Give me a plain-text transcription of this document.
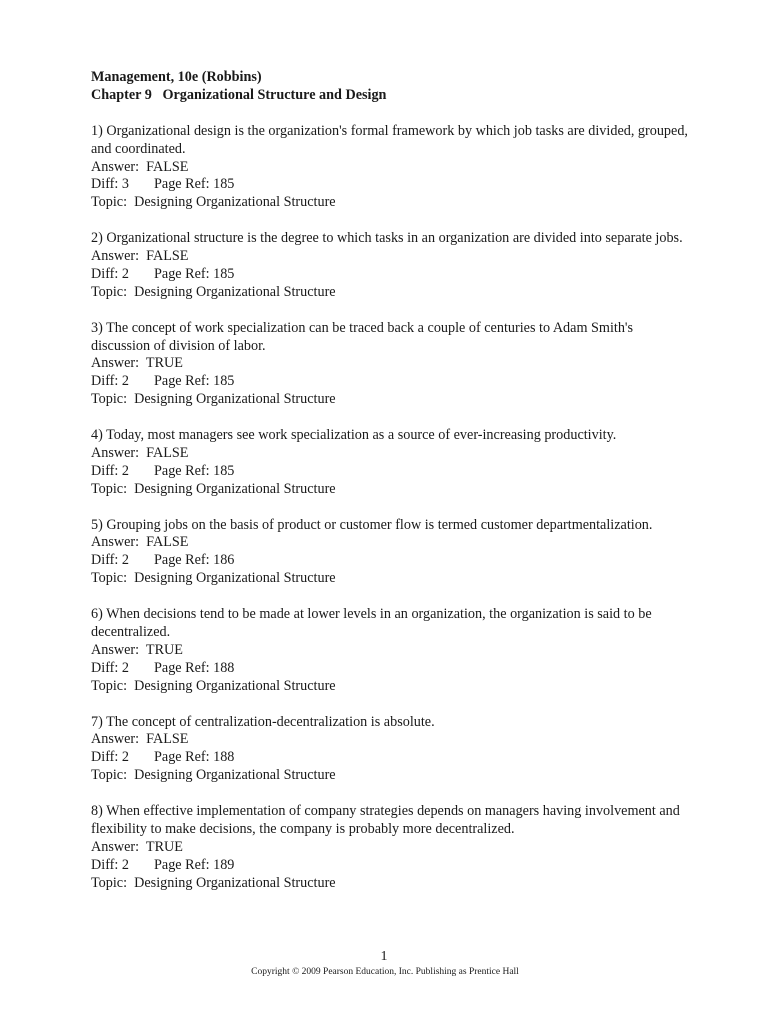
Management, 10e (Robbins)
Chapter 9   Organizational Structure and Design
1) Organizational design is the organization's formal framework by which job tasks are divided, grouped, and coordinated.
Answer:  FALSE
Diff: 3 Page Ref: 185
Topic:  Designing Organizational Structure
2) Organizational structure is the degree to which tasks in an organization are divided into separate jobs.
Answer:  FALSE
Diff: 2 Page Ref: 185
Topic:  Designing Organizational Structure
3) The concept of work specialization can be traced back a couple of centuries to Adam Smith's discussion of division of labor.
Answer:  TRUE
Diff: 2 Page Ref: 185
Topic:  Designing Organizational Structure
4) Today, most managers see work specialization as a source of ever-increasing productivity.
Answer:  FALSE
Diff: 2 Page Ref: 185
Topic:  Designing Organizational Structure
5) Grouping jobs on the basis of product or customer flow is termed customer departmentalization.
Answer:  FALSE
Diff: 2 Page Ref: 186
Topic:  Designing Organizational Structure
6) When decisions tend to be made at lower levels in an organization, the organization is said to be decentralized.
Answer:  TRUE
Diff: 2 Page Ref: 188
Topic:  Designing Organizational Structure
7) The concept of centralization-decentralization is absolute.
Answer:  FALSE
Diff: 2 Page Ref: 188
Topic:  Designing Organizational Structure
8) When effective implementation of company strategies depends on managers having involvement and flexibility to make decisions, the company is probably more decentralized.
Answer:  TRUE
Diff: 2 Page Ref: 189
Topic:  Designing Organizational Structure
1
Copyright © 2009 Pearson Education, Inc. Publishing as Prentice Hall
